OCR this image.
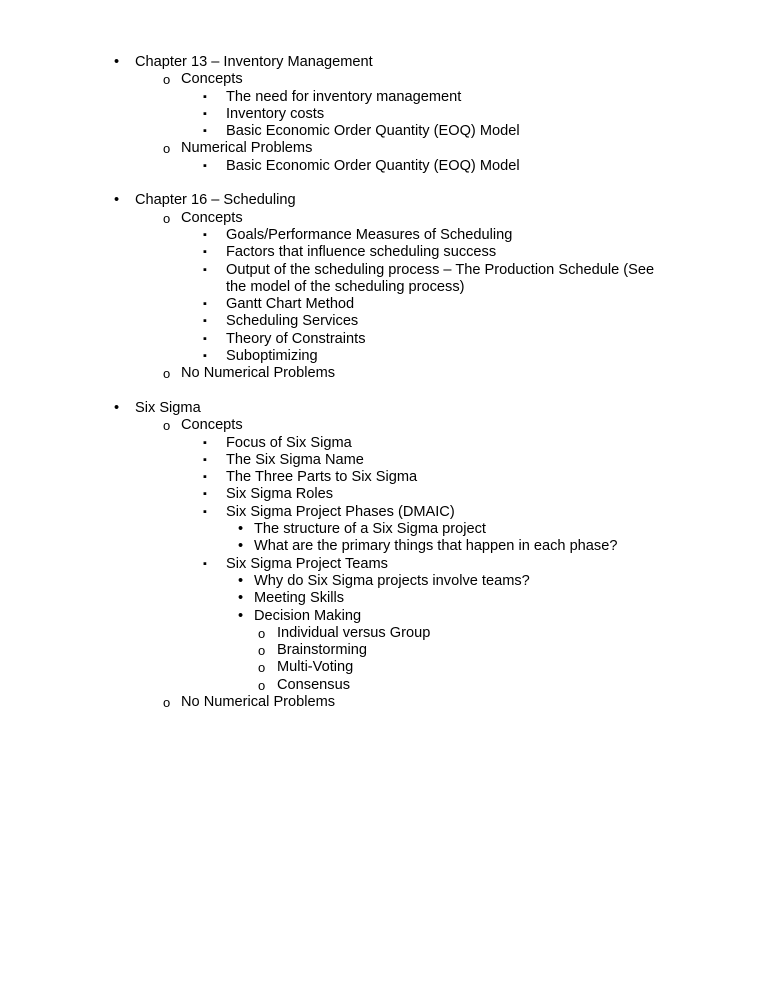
• Chapter 13 – Inventory Management
o Concepts
▪ The need for inventory management
▪ Inventory costs
▪ Basic Economic Order Quantity (EOQ) Model
o Numerical Problems
▪ Basic Economic Order Quantity (EOQ) Model
• Chapter 16 – Scheduling
o Concepts
▪ Goals/Performance Measures of Scheduling
▪ Factors that influence scheduling success
▪ Output of the scheduling process – The Production Schedule (See the model of the scheduling process)
▪ Gantt Chart Method
▪ Scheduling Services
▪ Theory of Constraints
▪ Suboptimizing
o No Numerical Problems
• Six Sigma
o Concepts
▪ Focus of Six Sigma
▪ The Six Sigma Name
▪ The Three Parts to Six Sigma
▪ Six Sigma Roles
▪ Six Sigma Project Phases (DMAIC)
• The structure of a Six Sigma project
• What are the primary things that happen in each phase?
▪ Six Sigma Project Teams
• Why do Six Sigma projects involve teams?
• Meeting Skills
• Decision Making
o Individual versus Group
o Brainstorming
o Multi-Voting
o Consensus
o No Numerical Problems
